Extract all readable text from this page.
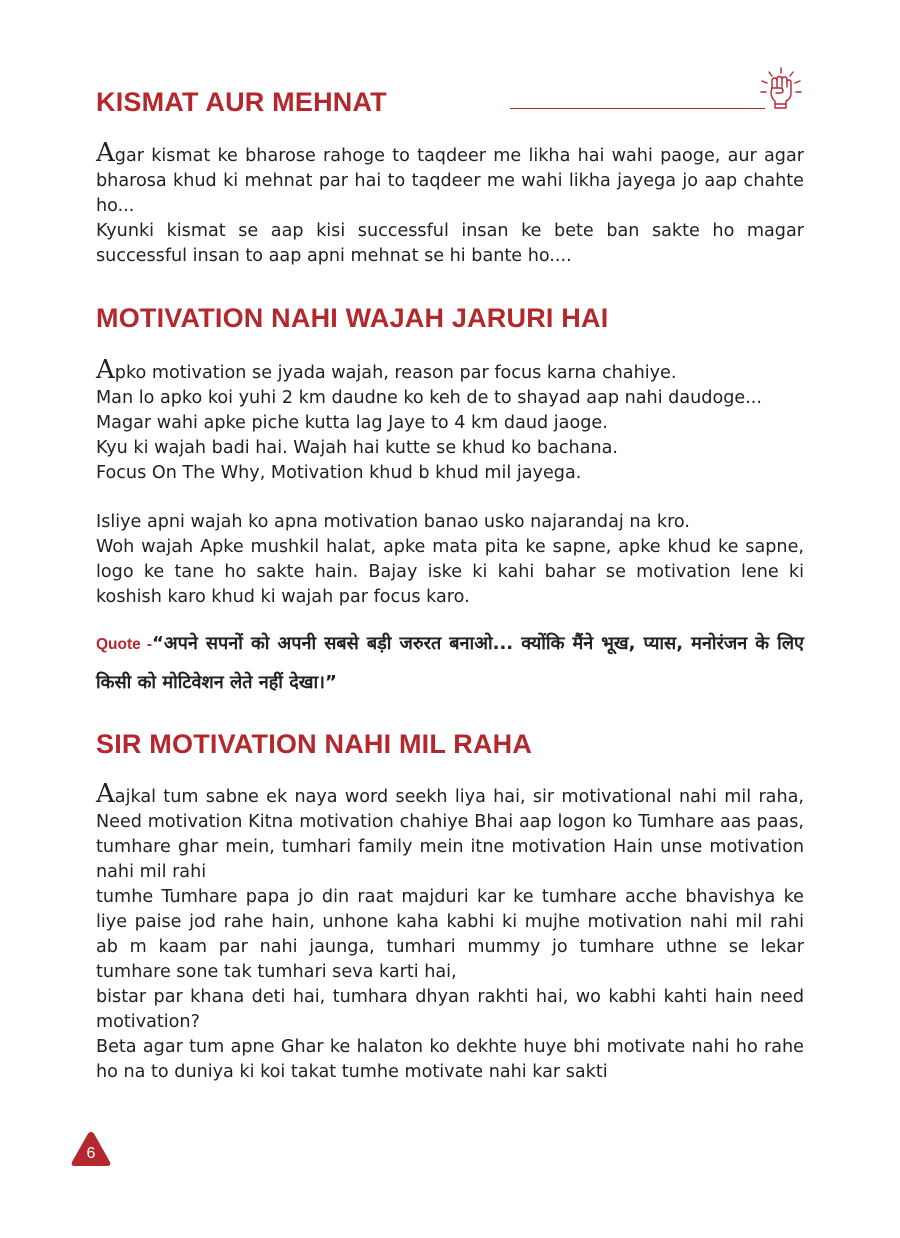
KISMAT AUR MEHNAT

Agar kismat ke bharose rahoge to taqdeer me likha hai wahi paoge, aur agar bharosa khud ki mehnat par hai to taqdeer me wahi likha jayega jo aap chahte ho...

Kyunki kismat se aap kisi successful insan ke bete ban sakte ho magar successful insan to aap apni mehnat se hi bante ho....

MOTIVATION NAHI WAJAH JARURI HAI

Apko motivation se jyada wajah, reason par focus karna chahiye.

Man lo apko koi yuhi 2 km daudne ko keh de to shayad aap nahi daudoge...

Magar wahi apke piche kutta lag Jaye to 4 km daud jaoge.

Kyu ki wajah badi hai. Wajah hai kutte se khud ko bachana.

Focus On The Why, Motivation khud b khud mil jayega.

Isliye apni wajah ko apna motivation banao usko najarandaj na kro.

Woh wajah Apke mushkil halat, apke mata pita ke sapne, apke khud ke sapne, logo ke tane ho sakte hain. Bajay iske ki kahi bahar se motivation lene ki koshish karo khud ki wajah par focus karo.

Quote -“अपने सपनों को अपनी सबसे बड़ी जरुरत बनाओ... क्योंकि मैंने भूख, प्यास, मनोरंजन के लिए किसी को मोटिवेशन लेते नहीं देखा।”
SIR MOTIVATION NAHI MIL RAHA

Aajkal tum sabne ek naya word seekh liya hai, sir motivational nahi mil raha, Need motivation Kitna motivation chahiye Bhai aap logon ko Tumhare aas paas, tumhare ghar mein, tumhari family mein itne motivation Hain unse motivation nahi mil rahi

tumhe Tumhare papa jo din raat majduri kar ke tumhare acche bhavishya ke liye paise jod rahe hain, unhone kaha kabhi ki mujhe motivation nahi mil rahi ab m kaam par nahi jaunga, tumhari mummy jo tumhare uthne se lekar tumhare sone tak tumhari seva karti hai,

bistar par khana deti hai, tumhara dhyan rakhti hai, wo kabhi kahti hain need motivation?

Beta agar tum apne Ghar ke halaton ko dekhte huye bhi motivate nahi ho rahe ho na to duniya ki koi takat tumhe motivate nahi kar sakti

6
